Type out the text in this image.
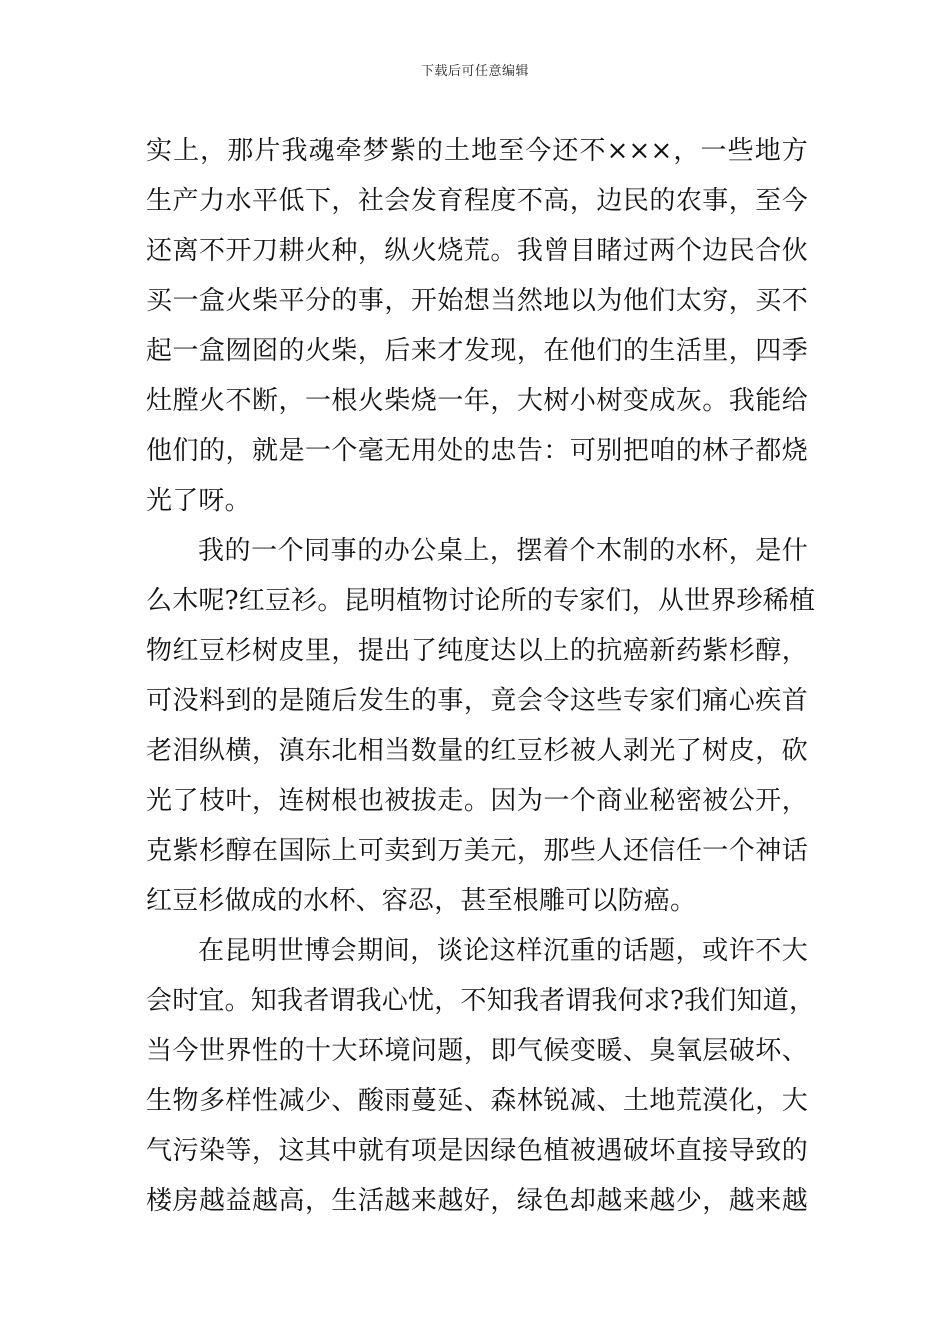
下载后可任意编辑
实上，那片我魂牵梦紫的土地至今还不×××，一些地方
生产力水平低下，社会发育程度不高，边民的农事，至今
还离不开刀耕火种，纵火烧荒。我曾目睹过两个边民合伙
买一盒火柴平分的事，开始想当然地以为他们太穷，买不
起一盒囫囵的火柴，后来才发现，在他们的生活里，四季
灶膛火不断，一根火柴烧一年，大树小树变成灰。我能给
他们的，就是一个毫无用处的忠告：可别把咱的林子都烧
光了呀。
我的一个同事的办公桌上，摆着个木制的水杯，是什
么木呢?红豆衫。昆明植物讨论所的专家们，从世界珍稀植
物红豆杉树皮里，提出了纯度达以上的抗癌新药紫杉醇，
可没料到的是随后发生的事，竟会令这些专家们痛心疾首
老泪纵横，滇东北相当数量的红豆杉被人剥光了树皮，砍
光了枝叶，连树根也被拔走。因为一个商业秘密被公开，
克紫杉醇在国际上可卖到万美元，那些人还信任一个神话
红豆杉做成的水杯、容忍，甚至根雕可以防癌。
在昆明世博会期间，谈论这样沉重的话题，或许不大
会时宜。知我者谓我心忧，不知我者谓我何求?我们知道，
当今世界性的十大环境问题，即气候变暖、臭氧层破坏、
生物多样性减少、酸雨蔓延、森林锐减、土地荒漠化，大
气污染等，这其中就有项是因绿色植被遇破坏直接导致的
楼房越益越高，生活越来越好，绿色却越来越少，越来越
